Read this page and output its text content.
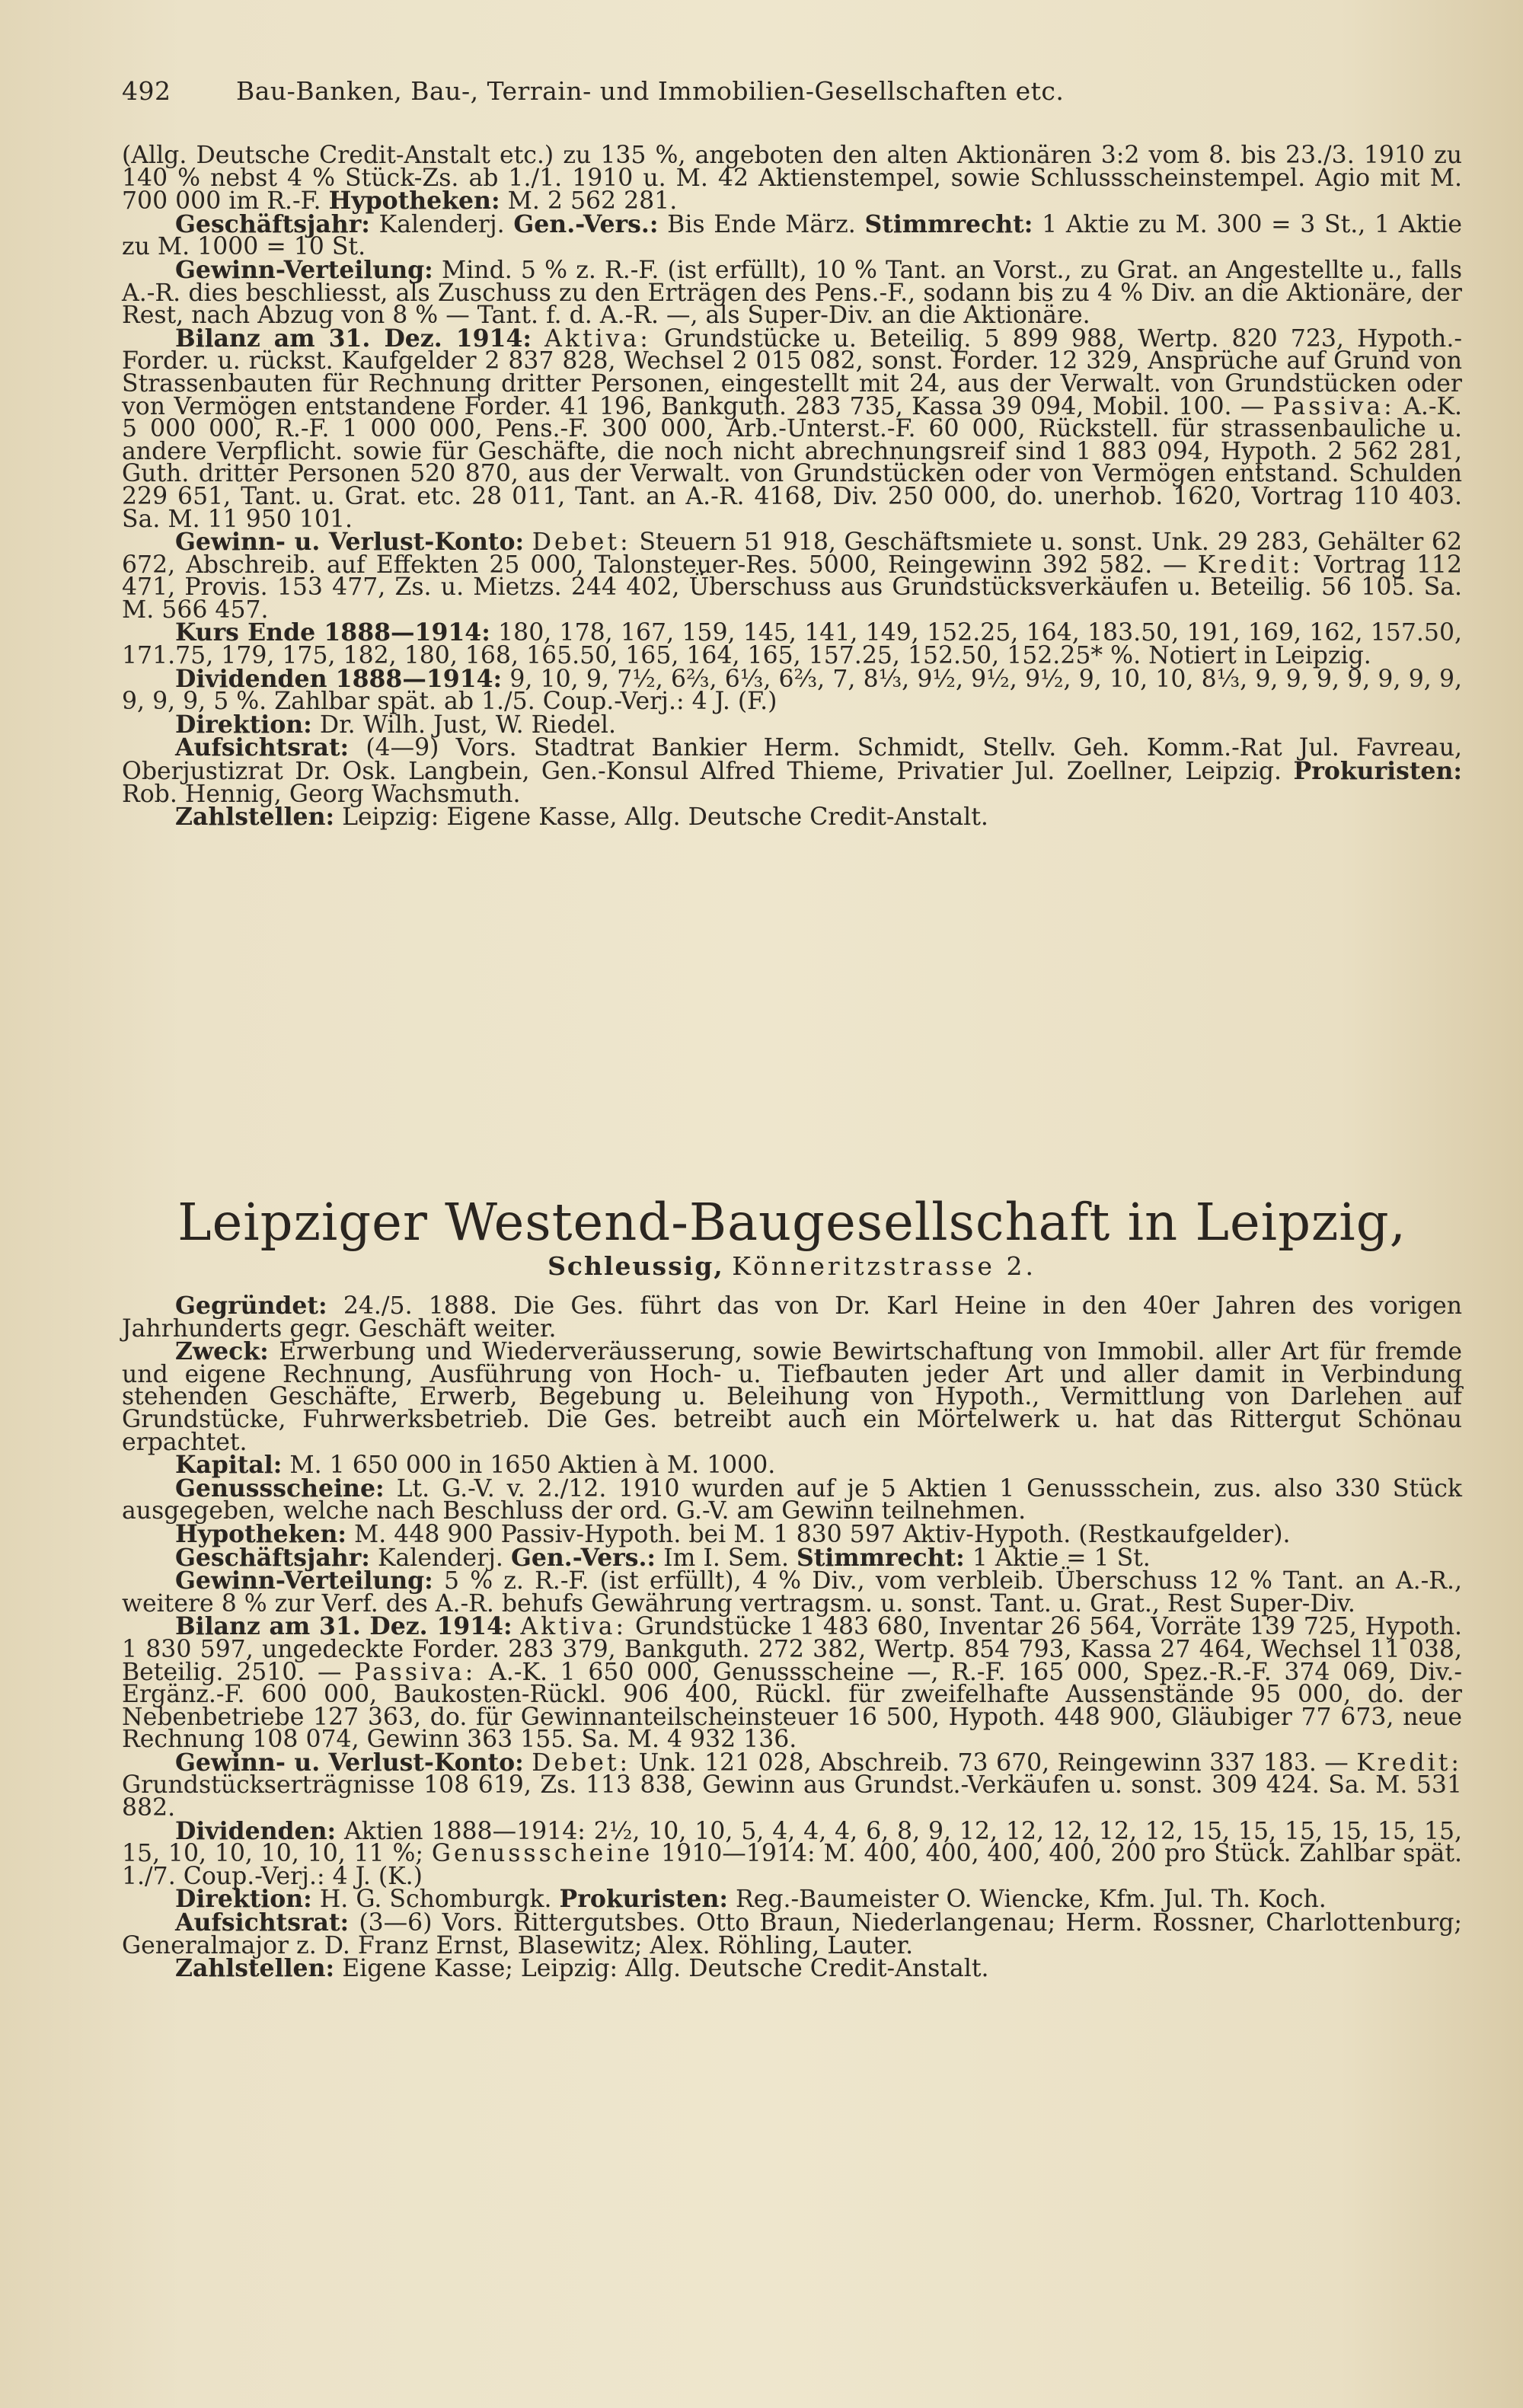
492	Bau-Banken, Bau-, Terrain- und Immobilien-Gesellschaften etc.

(Allg. Deutsche Credit-Anstalt etc.) zu 135 %, angeboten den alten Aktionären 3:2 vom 8. bis 23./3. 1910 zu 140 % nebst 4 % Stück-Zs. ab 1./1. 1910 u. M. 42 Aktienstempel, sowie Schlussscheinstempel. Agio mit M. 700 000 im R.-F. Hypotheken: M. 2 562 281.

Geschäftsjahr: Kalenderj. Gen.-Vers.: Bis Ende März. Stimmrecht: 1 Aktie zu M. 300 = 3 St., 1 Aktie zu M. 1000 = 10 St.

Gewinn-Verteilung: Mind. 5 % z. R.-F. (ist erfüllt), 10 % Tant. an Vorst., zu Grat. an Angestellte u., falls A.-R. dies beschliesst, als Zuschuss zu den Erträgen des Pens.-F., sodann bis zu 4 % Div. an die Aktionäre, der Rest, nach Abzug von 8 % — Tant. f. d. A.-R. —, als Super-Div. an die Aktionäre.

Bilanz am 31. Dez. 1914: Aktiva: Grundstücke u. Beteilig. 5 899 988, Wertp. 820 723, Hypoth.-Forder. u. rückst. Kaufgelder 2 837 828, Wechsel 2 015 082, sonst. Forder. 12 329, Ansprüche auf Grund von Strassenbauten für Rechnung dritter Personen, eingestellt mit 24, aus der Verwalt. von Grundstücken oder von Vermögen entstandene Forder. 41 196, Bankguth. 283 735, Kassa 39 094, Mobil. 100. — Passiva: A.-K. 5 000 000, R.-F. 1 000 000, Pens.-F. 300 000, Arb.-Unterst.-F. 60 000, Rückstell. für strassenbauliche u. andere Verpflicht. sowie für Geschäfte, die noch nicht abrechnungsreif sind 1 883 094, Hypoth. 2 562 281, Guth. dritter Personen 520 870, aus der Verwalt. von Grundstücken oder von Vermögen entstand. Schulden 229 651, Tant. u. Grat. etc. 28 011, Tant. an A.-R. 4168, Div. 250 000, do. unerhob. 1620, Vortrag 110 403. Sa. M. 11 950 101.

Gewinn- u. Verlust-Konto: Debet: Steuern 51 918, Geschäftsmiete u. sonst. Unk. 29 283, Gehälter 62 672, Abschreib. auf Effekten 25 000, Talonsteuer-Res. 5000, Reingewinn 392 582. — Kredit: Vortrag 112 471, Provis. 153 477, Zs. u. Mietzs. 244 402, Überschuss aus Grundstücksverkäufen u. Beteilig. 56 105. Sa. M. 566 457.

Kurs Ende 1888—1914: 180, 178, 167, 159, 145, 141, 149, 152.25, 164, 183.50, 191, 169, 162, 157.50, 171.75, 179, 175, 182, 180, 168, 165.50, 165, 164, 165, 157.25, 152.50, 152.25* %. Notiert in Leipzig.

Dividenden 1888—1914: 9, 10, 9, 7½, 6⅔, 6⅓, 6⅔, 7, 8⅓, 9½, 9½, 9½, 9, 10, 10, 8⅓, 9, 9, 9, 9, 9, 9, 9, 9, 9, 9, 5 %. Zahlbar spät. ab 1./5. Coup.-Verj.: 4 J. (F.)

Direktion: Dr. Wilh. Just, W. Riedel.

Aufsichtsrat: (4—9) Vors. Stadtrat Bankier Herm. Schmidt, Stellv. Geh. Komm.-Rat Jul. Favreau, Oberjustizrat Dr. Osk. Langbein, Gen.-Konsul Alfred Thieme, Privatier Jul. Zoellner, Leipzig. Prokuristen: Rob. Hennig, Georg Wachsmuth.

Zahlstellen: Leipzig: Eigene Kasse, Allg. Deutsche Credit-Anstalt.

Leipziger Westend-Baugesellschaft in Leipzig,
Schleussig, Könneritzstrasse 2.

Gegründet: 24./5. 1888. Die Ges. führt das von Dr. Karl Heine in den 40er Jahren des vorigen Jahrhunderts gegr. Geschäft weiter.

Zweck: Erwerbung und Wiederveräusserung, sowie Bewirtschaftung von Immobil. aller Art für fremde und eigene Rechnung, Ausführung von Hoch- u. Tiefbauten jeder Art und aller damit in Verbindung stehenden Geschäfte, Erwerb, Begebung u. Beleihung von Hypoth., Vermittlung von Darlehen auf Grundstücke, Fuhrwerksbetrieb. Die Ges. betreibt auch ein Mörtelwerk u. hat das Rittergut Schönau erpachtet.

Kapital: M. 1 650 000 in 1650 Aktien à M. 1000.

Genussscheine: Lt. G.-V. v. 2./12. 1910 wurden auf je 5 Aktien 1 Genussschein, zus. also 330 Stück ausgegeben, welche nach Beschluss der ord. G.-V. am Gewinn teilnehmen.

Hypotheken: M. 448 900 Passiv-Hypoth. bei M. 1 830 597 Aktiv-Hypoth. (Restkaufgelder).

Geschäftsjahr: Kalenderj. Gen.-Vers.: Im I. Sem. Stimmrecht: 1 Aktie = 1 St.

Gewinn-Verteilung: 5 % z. R.-F. (ist erfüllt), 4 % Div., vom verbleib. Überschuss 12 % Tant. an A.-R., weitere 8 % zur Verf. des A.-R. behufs Gewährung vertragsm. u. sonst. Tant. u. Grat., Rest Super-Div.

Bilanz am 31. Dez. 1914: Aktiva: Grundstücke 1 483 680, Inventar 26 564, Vorräte 139 725, Hypoth. 1 830 597, ungedeckte Forder. 283 379, Bankguth. 272 382, Wertp. 854 793, Kassa 27 464, Wechsel 11 038, Beteilig. 2510. — Passiva: A.-K. 1 650 000, Genussscheine —, R.-F. 165 000, Spez.-R.-F. 374 069, Div.-Ergänz.-F. 600 000, Baukosten-Rückl. 906 400, Rückl. für zweifelhafte Aussenstände 95 000, do. der Nebenbetriebe 127 363, do. für Gewinnanteilscheinsteuer 16 500, Hypoth. 448 900, Gläubiger 77 673, neue Rechnung 108 074, Gewinn 363 155. Sa. M. 4 932 136.

Gewinn- u. Verlust-Konto: Debet: Unk. 121 028, Abschreib. 73 670, Reingewinn 337 183. — Kredit: Grundstückserträgnisse 108 619, Zs. 113 838, Gewinn aus Grundst.-Verkäufen u. sonst. 309 424. Sa. M. 531 882.

Dividenden: Aktien 1888—1914: 2½, 10, 10, 5, 4, 4, 4, 6, 8, 9, 12, 12, 12, 12, 12, 15, 15, 15, 15, 15, 15, 15, 10, 10, 10, 10, 11 %; Genussscheine 1910—1914: M. 400, 400, 400, 400, 200 pro Stück. Zahlbar spät. 1./7. Coup.-Verj.: 4 J. (K.)

Direktion: H. G. Schomburgk. Prokuristen: Reg.-Baumeister O. Wiencke, Kfm. Jul. Th. Koch.

Aufsichtsrat: (3—6) Vors. Rittergutsbes. Otto Braun, Niederlangenau; Herm. Rossner, Charlottenburg; Generalmajor z. D. Franz Ernst, Blasewitz; Alex. Röhling, Lauter.

Zahlstellen: Eigene Kasse; Leipzig: Allg. Deutsche Credit-Anstalt.
